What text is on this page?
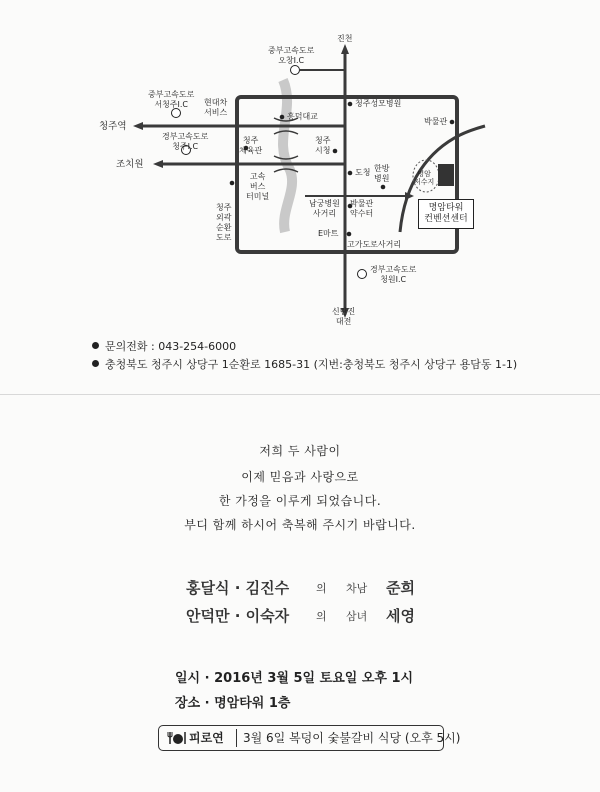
진천
중부고속도로
오창I.C
중부고속도로
서청주I.C	현대차
서비스
청주역
경부고속도로
청주I.C
조치원
흥덕대교
청주
체육관
청주
시청
청주성모병원
박물관
고속
버스
터미널
청주
외곽
순환
도로
도청 한방
병원	명암
저수지
남궁병원
사거리
박물관
약수터
E마트
고가도로사거리
경부고속도로
청원I.C
신탄진
대전
명암타워
컨벤션센터
문의전화 : 043-254-6000
충청북도 청주시 상당구 1순환로 1685-31 (지번:충청북도 청주시 상당구 용담동 1-1)
저희 두 사람이
이제 믿음과 사랑으로
한 가정을 이루게 되었습니다.
부디 함께 하시어 축복해 주시기 바랍니다.
홍달식 · 김진수 의 차남 준희
안덕만 · 이숙자 의 삼녀 세영
일시 · 2016년 3월 5일 토요일 오후 1시
장소 · 명암타워 1층
피로연 3월 6일 복덩이 숯불갈비 식당 (오후 5시)
